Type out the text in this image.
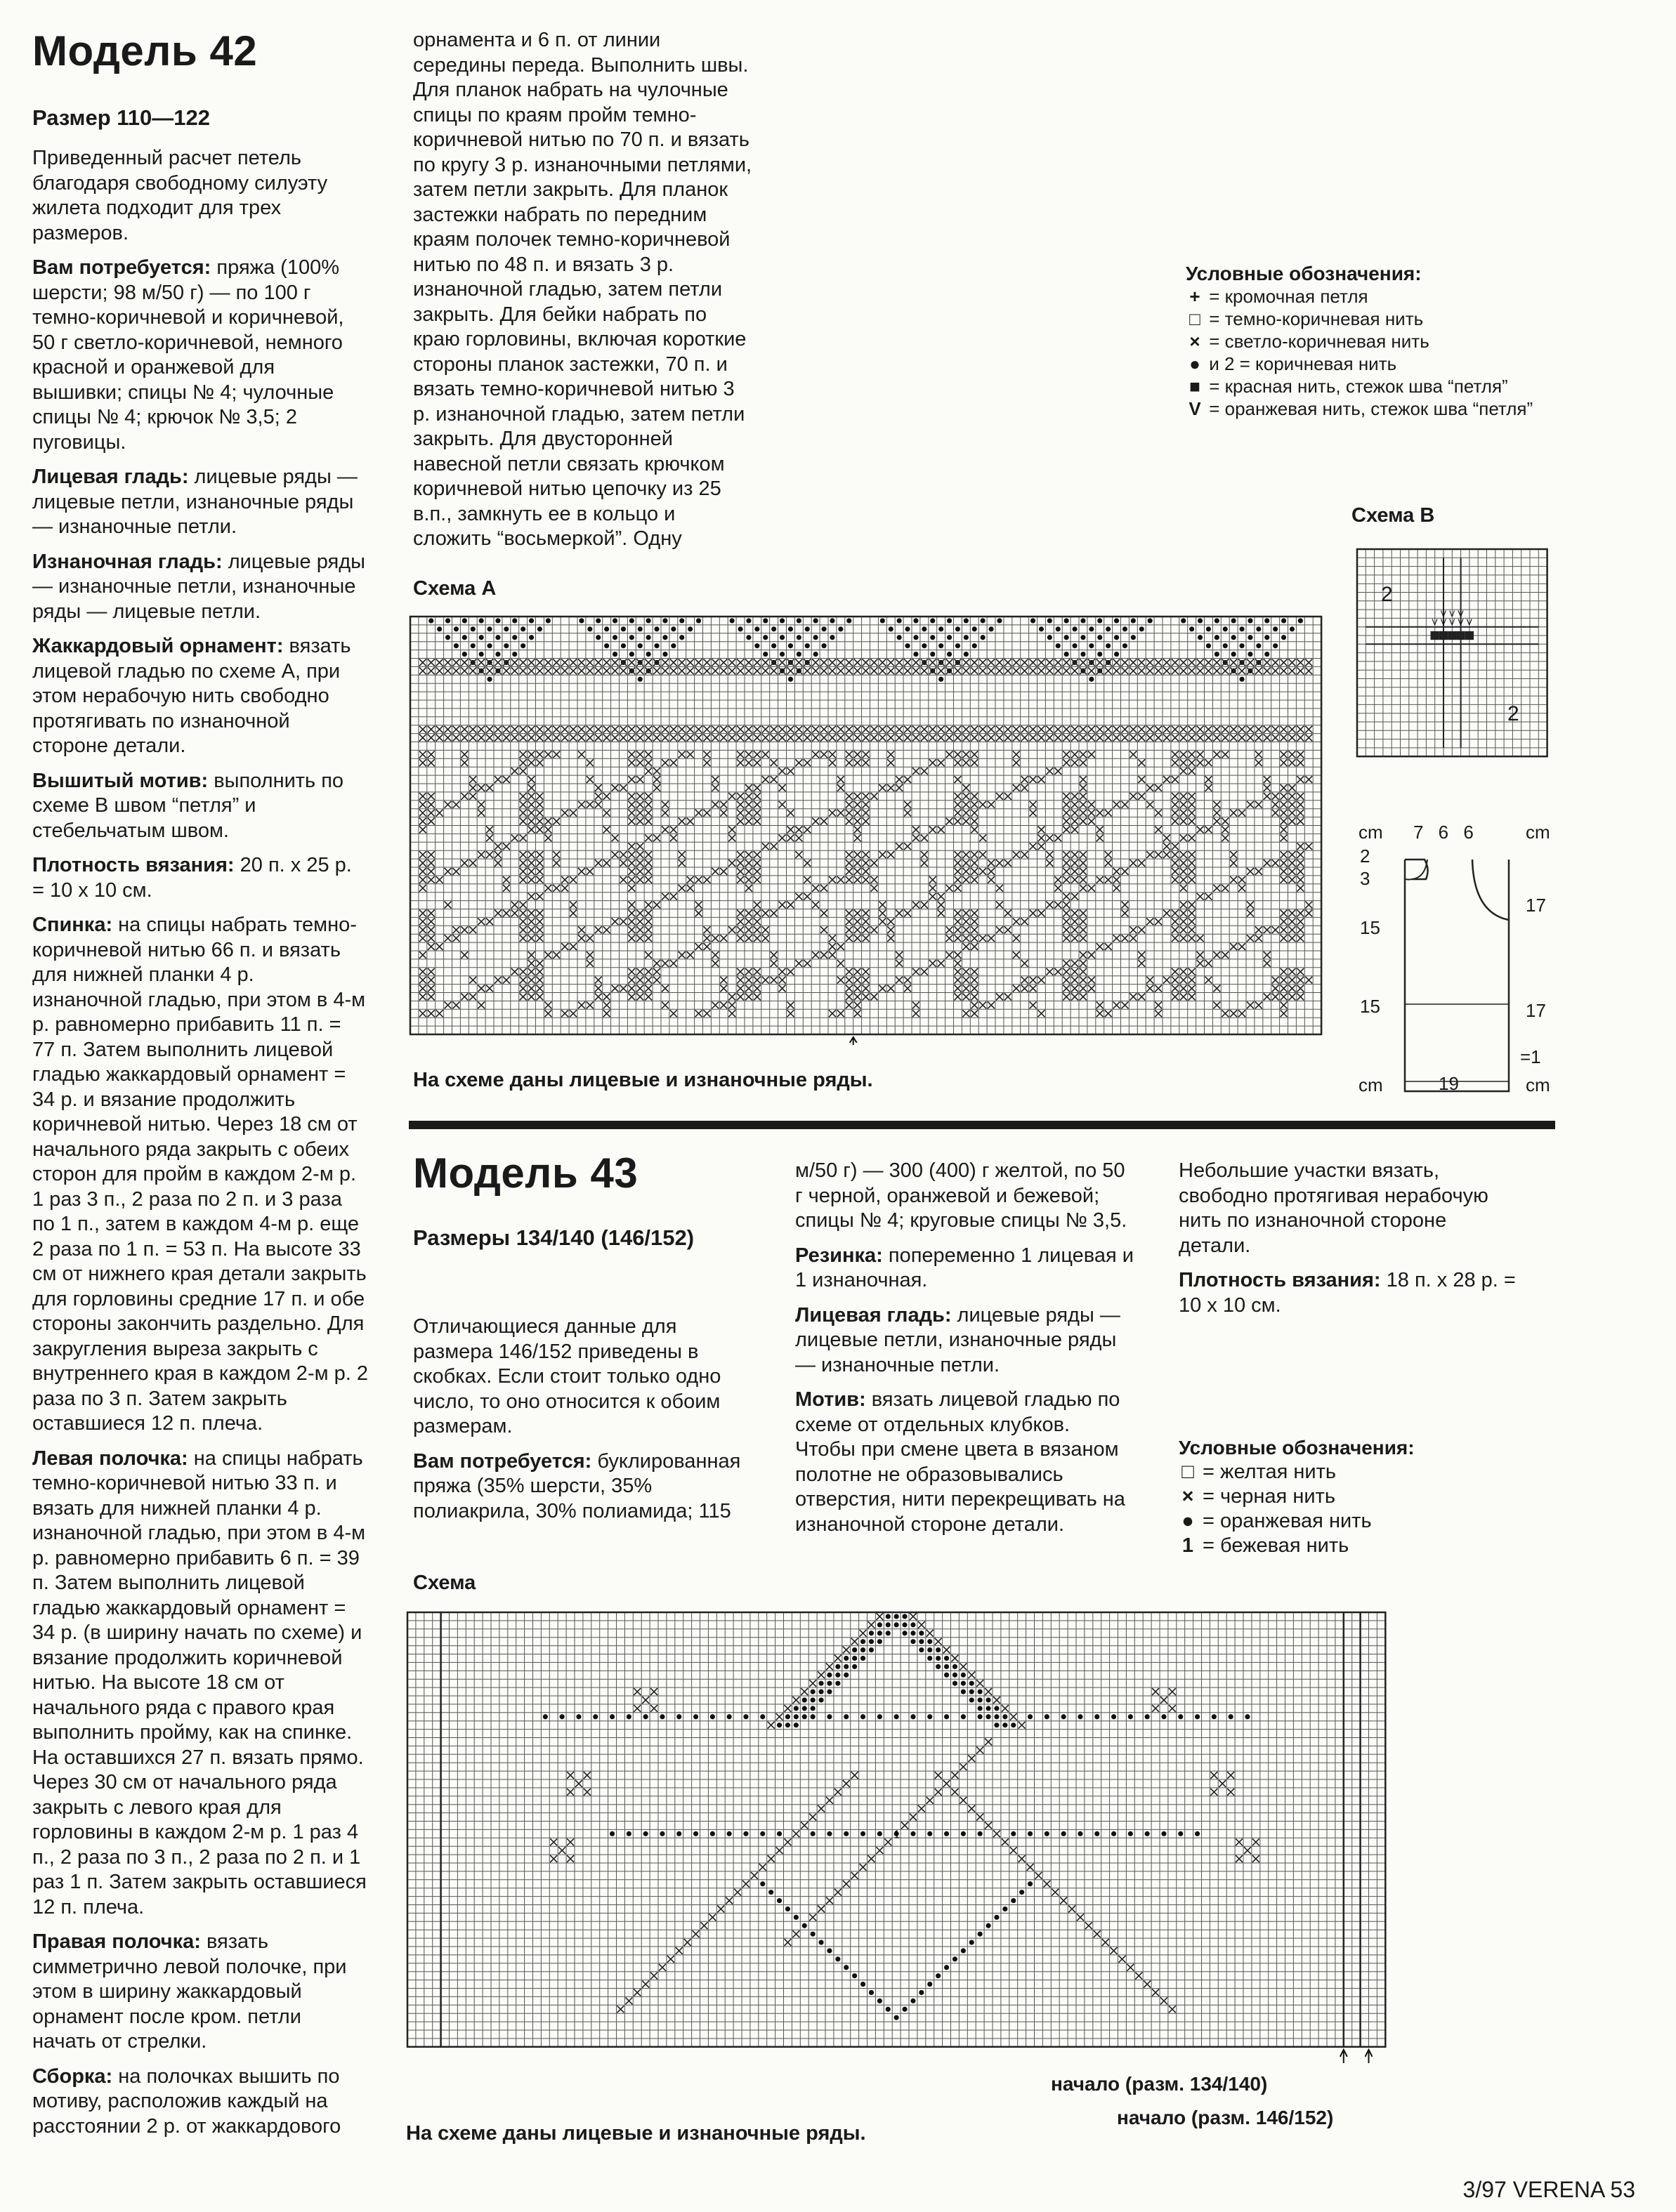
Модель 42
Размер 110—122

Приведенный расчет петель благодаря свободному силуэту жилета подходит для трех размеров.

Вам потребуется: пряжа (100% шерсти; 98 м/50 г) — по 100 г темно-коричневой и коричневой, 50 г светло-коричневой, немного красной и оранжевой для вышивки; спицы № 4; чулочные спицы № 4; крючок № 3,5; 2 пуговицы.

Лицевая гладь: лицевые ряды — лицевые петли, изнаночные ряды — изнаночные петли.

Изнаночная гладь: лицевые ряды — изнаночные петли, изнаночные ряды — лицевые петли.

Жаккардовый орнамент: вязать лицевой гладью по схеме А, при этом нерабочую нить свободно протягивать по изнаночной стороне детали.

Вышитый мотив: выполнить по схеме В швом “петля” и стебельчатым швом.

Плотность вязания: 20 п. х 25 р. = 10 х 10 см.

Спинка: на спицы набрать темно-коричневой нитью 66 п. и вязать для нижней планки 4 р. изнаночной гладью, при этом в 4-м р. равномерно прибавить 11 п. = 77 п. Затем выполнить лицевой гладью жаккардовый орнамент = 34 р. и вязание продолжить коричневой нитью. Через 18 см от начального ряда закрыть с обеих сторон для пройм в каждом 2-м р. 1 раз 3 п., 2 раза по 2 п. и 3 раза по 1 п., затем в каждом 4-м р. еще 2 раза по 1 п. = 53 п. На высоте 33 см от нижнего края детали закрыть для горловины средние 17 п. и обе стороны закончить раздельно. Для закругления выреза закрыть с внутреннего края в каждом 2-м р. 2 раза по 3 п. Затем закрыть оставшиеся 12 п. плеча.

Левая полочка: на спицы набрать темно-коричневой нитью 33 п. и вязать для нижней планки 4 р. изнаночной гладью, при этом в 4-м р. равномерно прибавить 6 п. = 39 п. Затем выполнить лицевой гладью жаккардовый орнамент = 34 р. (в ширину начать по схеме) и вязание продолжить коричневой нитью. На высоте 18 см от начального ряда с правого края выполнить пройму, как на спинке. На оставшихся 27 п. вязать прямо. Через 30 см от начального ряда закрыть с левого края для горловины в каждом 2-м р. 1 раз 4 п., 2 раза по 3 п., 2 раза по 2 п. и 1 раз 1 п. Затем закрыть оставшиеся 12 п. плеча.

Правая полочка: вязать симметрично левой полочке, при этом в ширину жаккардовый орнамент после кром. петли начать от стрелки.

Сборка: на полочках вышить по мотиву, расположив каждый на расстоянии 2 р. от жаккардового

орнамента и 6 п. от линии середины переда. Выполнить швы. Для планок набрать на чулочные спицы по краям пройм темно-коричневой нитью по 70 п. и вязать по кругу 3 р. изнаночными петлями, затем петли закрыть. Для планок застежки набрать по передним краям полочек темно-коричневой нитью по 48 п. и вязать 3 р. изнаночной гладью, затем петли закрыть. Для бейки набрать по краю горловины, включая короткие стороны планок застежки, 70 п. и вязать темно-коричневой нитью 3 р. изнаночной гладью, затем петли закрыть. Для двусторонней навесной петли связать крючком коричневой нитью цепочку из 25 в.п., замкнуть ее в кольцо и сложить “восьмеркой”. Одну

Условные обозначения:
+ = кромочная петля
□ = темно-коричневая нить
× = светло-коричневая нить
● и 2 = коричневая нить
■ = красная нить, стежок шва “петля”
V = оранжевая нить, стежок шва “петля”
Схема А
На схеме даны лицевые и изнаночные ряды.
Схема В
V V V V V
V V V
2
2
cm 7 6 6	cm
2
3
15
15
17
17
=1
cm	19	cm
Модель 43
Размеры 134/140 (146/152)

Отличающиеся данные для размера 146/152 приведены в скобках. Если стоит только одно число, то оно относится к обоим размерам.

Вам потребуется: буклированная пряжа (35% шерсти, 35% полиакрила, 30% полиамида; 115

м/50 г) — 300 (400) г желтой, по 50 г черной, оранжевой и бежевой; спицы № 4; круговые спицы № 3,5.

Резинка: попеременно 1 лицевая и 1 изнаночная.

Лицевая гладь: лицевые ряды — лицевые петли, изнаночные ряды — изнаночные петли.

Мотив: вязать лицевой гладью по схеме от отдельных клубков. Чтобы при смене цвета в вязаном полотне не образовывались отверстия, нити перекрещивать на изнаночной стороне детали.

Небольшие участки вязать, свободно протягивая нерабочую нить по изнаночной стороне детали.

Плотность вязания: 18 п. х 28 р. = 10 х 10 см.

Условные обозначения:
□ = желтая нить
× = черная нить
● = оранжевая нить
1 = бежевая нить
Схема
1
начало (разм. 134/140)
начало (разм. 146/152)
На схеме даны лицевые и изнаночные ряды.
3/97 VERENA 53
